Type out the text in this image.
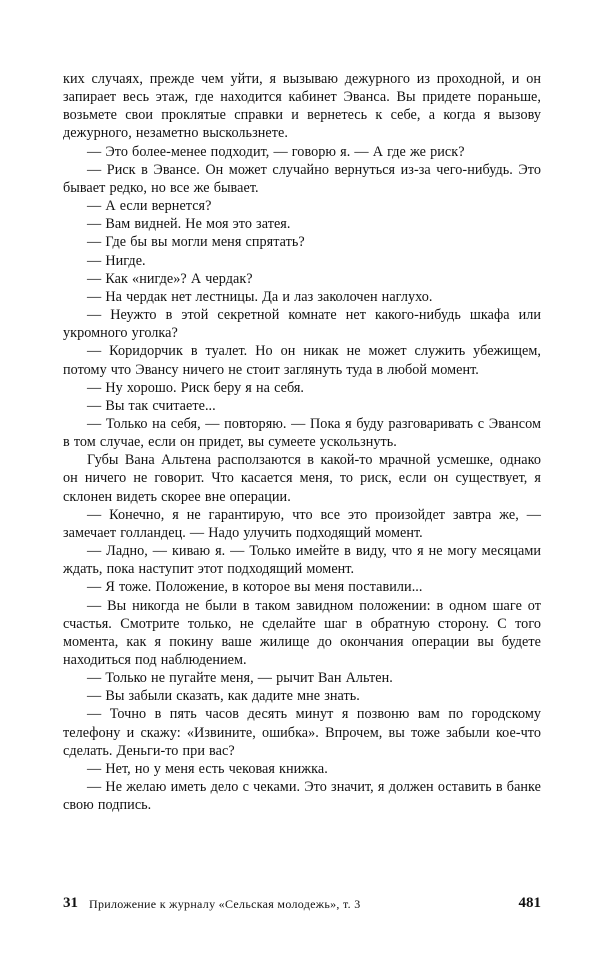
ких случаях, прежде чем уйти, я вызываю дежурного из проходной, и он запирает весь этаж, где находится кабинет Эванса. Вы придете пораньше, возьмете свои проклятые справки и вернетесь к себе, а когда я вызову дежурного, незаметно выскользнете.

— Это более-менее подходит, — говорю я. — А где же риск?

— Риск в Эвансе. Он может случайно вернуться из-за чего-нибудь. Это бывает редко, но все же бывает.

— А если вернется?

— Вам видней. Не моя это затея.

— Где бы вы могли меня спрятать?

— Нигде.

— Как «нигде»? А чердак?

— На чердак нет лестницы. Да и лаз заколочен наглухо.

— Неужто в этой секретной комнате нет какого-нибудь шкафа или укромного уголка?

— Коридорчик в туалет. Но он никак не может служить убежищем, потому что Эвансу ничего не стоит заглянуть туда в любой момент.

— Ну хорошо. Риск беру я на себя.

— Вы так считаете...

— Только на себя, — повторяю. — Пока я буду разговаривать с Эвансом в том случае, если он придет, вы сумеете ускользнуть.

Губы Вана Альтена расползаются в какой-то мрачной усмешке, однако он ничего не говорит. Что касается меня, то риск, если он существует, я склонен видеть скорее вне операции.

— Конечно, я не гарантирую, что все это произойдет завтра же, — замечает голландец. — Надо улучить подходящий момент.

— Ладно, — киваю я. — Только имейте в виду, что я не могу месяцами ждать, пока наступит этот подходящий момент.

— Я тоже. Положение, в которое вы меня поставили...

— Вы никогда не были в таком завидном положении: в одном шаге от счастья. Смотрите только, не сделайте шаг в обратную сторону. С того момента, как я покину ваше жилище до окончания операции вы будете находиться под наблюдением.

— Только не пугайте меня, — рычит Ван Альтен.

— Вы забыли сказать, как дадите мне знать.

— Точно в пять часов десять минут я позвоню вам по городскому телефону и скажу: «Извините, ошибка». Впрочем, вы тоже забыли кое-что сделать. Деньги-то при вас?

— Нет, но у меня есть чековая книжка.

— Не желаю иметь дело с чеками. Это значит, я должен оставить в банке свою подпись.

31 Приложение к журналу «Сельская молодежь», т. 3	481
